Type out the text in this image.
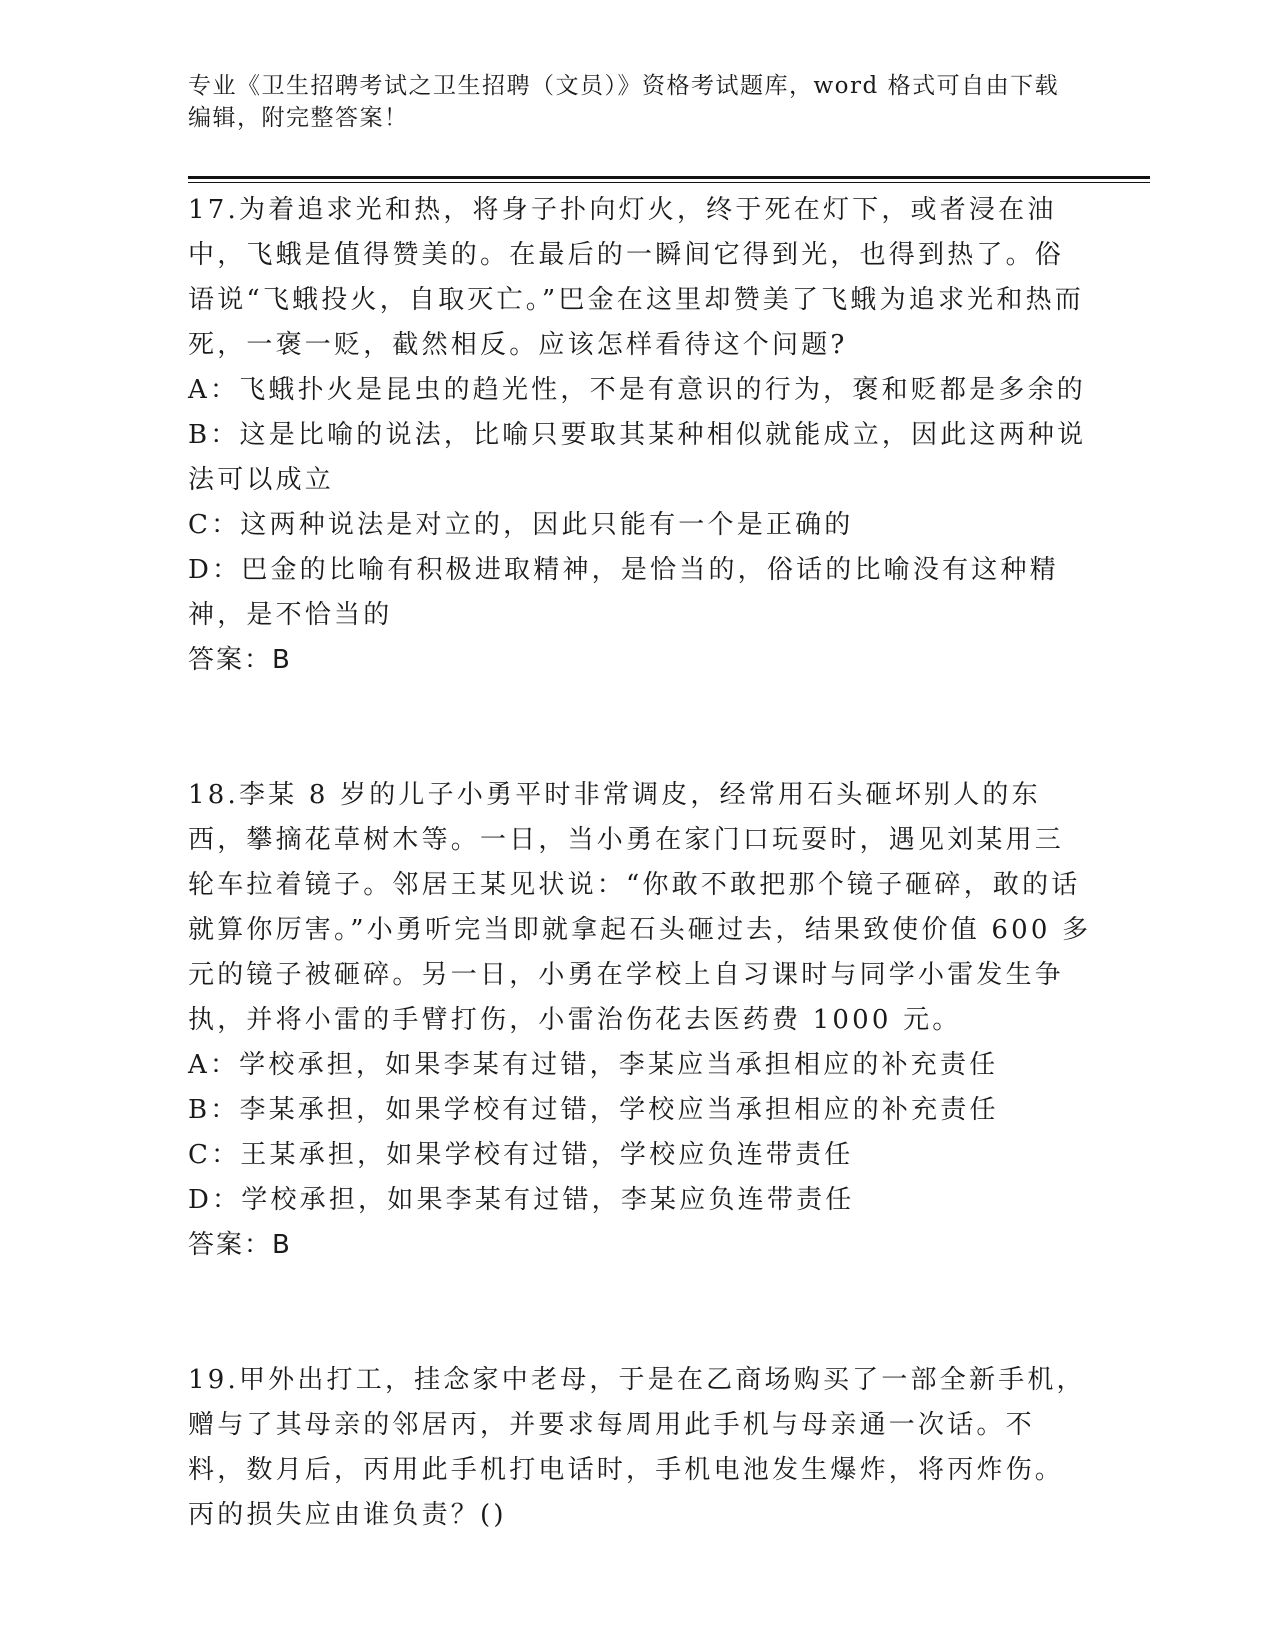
专业《卫生招聘考试之卫生招聘（文员）》资格考试题库，word 格式可自由下载
编辑，附完整答案！
17.为着追求光和热，将身子扑向灯火，终于死在灯下，或者浸在油中，飞蛾是值得赞美的。在最后的一瞬间它得到光，也得到热了。俗语说“飞蛾投火，自取灭亡。”巴金在这里却赞美了飞蛾为追求光和热而死，一褒一贬，截然相反。应该怎样看待这个问题?
A：飞蛾扑火是昆虫的趋光性，不是有意识的行为，褒和贬都是多余的
B：这是比喻的说法，比喻只要取其某种相似就能成立，因此这两种说法可以成立
C：这两种说法是对立的，因此只能有一个是正确的
D：巴金的比喻有积极进取精神，是恰当的，俗话的比喻没有这种精神，是不恰当的
答案：B
18.李某 8 岁的儿子小勇平时非常调皮，经常用石头砸坏别人的东西，攀摘花草树木等。一日，当小勇在家门口玩耍时，遇见刘某用三轮车拉着镜子。邻居王某见状说：“你敢不敢把那个镜子砸碎，敢的话就算你厉害。”小勇听完当即就拿起石头砸过去，结果致使价值 600 多元的镜子被砸碎。另一日，小勇在学校上自习课时与同学小雷发生争执，并将小雷的手臂打伤，小雷治伤花去医药费 1000 元。
A：学校承担，如果李某有过错，李某应当承担相应的补充责任
B：李某承担，如果学校有过错，学校应当承担相应的补充责任
C：王某承担，如果学校有过错，学校应负连带责任
D：学校承担，如果李某有过错，李某应负连带责任
答案：B
19.甲外出打工，挂念家中老母，于是在乙商场购买了一部全新手机，赠与了其母亲的邻居丙，并要求每周用此手机与母亲通一次话。不料，数月后，丙用此手机打电话时，手机电池发生爆炸，将丙炸伤。丙的损失应由谁负责？()
